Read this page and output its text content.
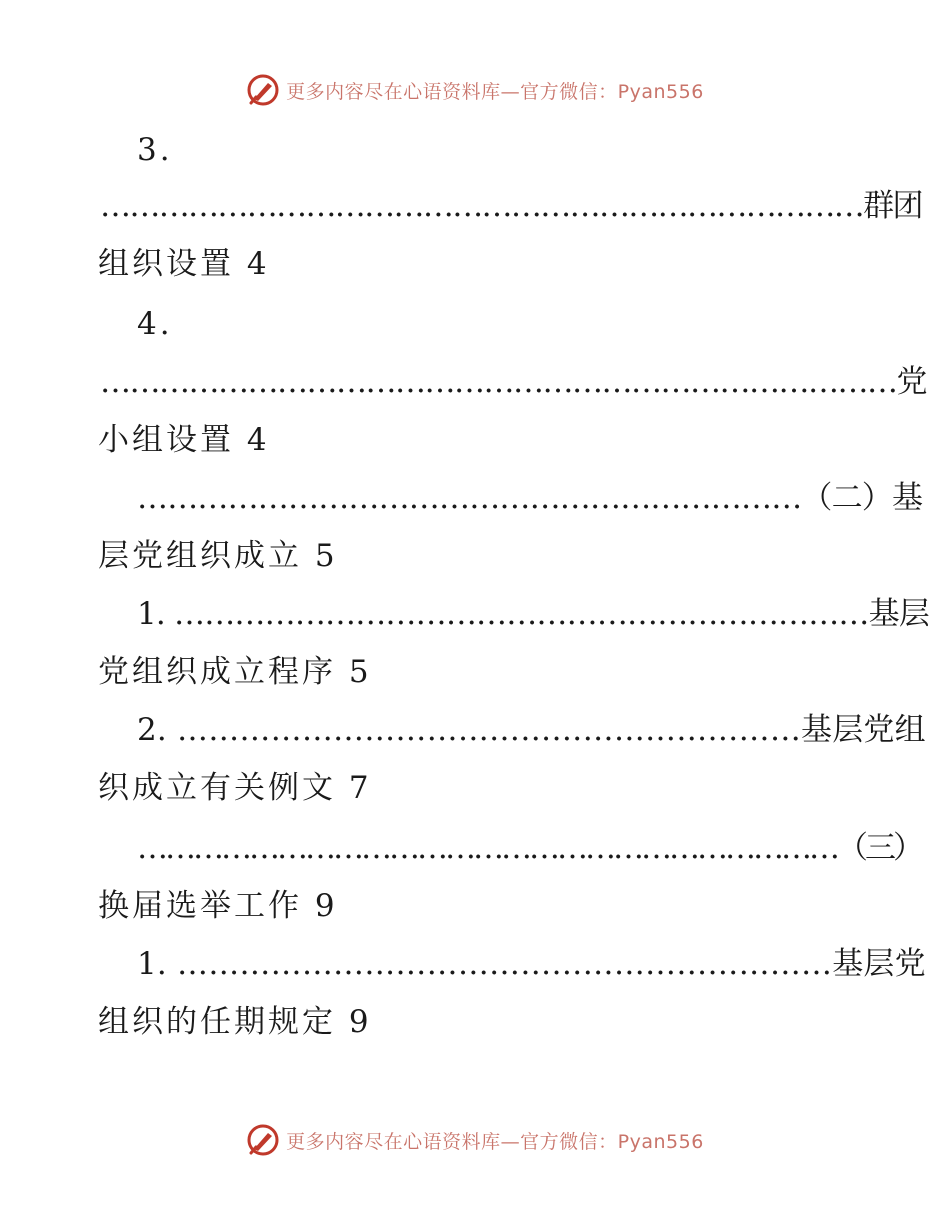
更多内容尽在心语资料库—官方微信：Pyan556
3.
……………………………………………………………………群团
组织设置 4
4.
………………………………………………………………………党
小组设置 4
…………………………………………………………（二）基
层党组织成立 5
1. ……………………………………………………………基层
党组织成立程序 5
2. ……………………………………………………基层党组
织成立有关例文 7
…………………………………………………………………（三）
换届选举工作 9
1. ………………………………………………………基层党
组织的任期规定 9
更多内容尽在心语资料库—官方微信：Pyan556
